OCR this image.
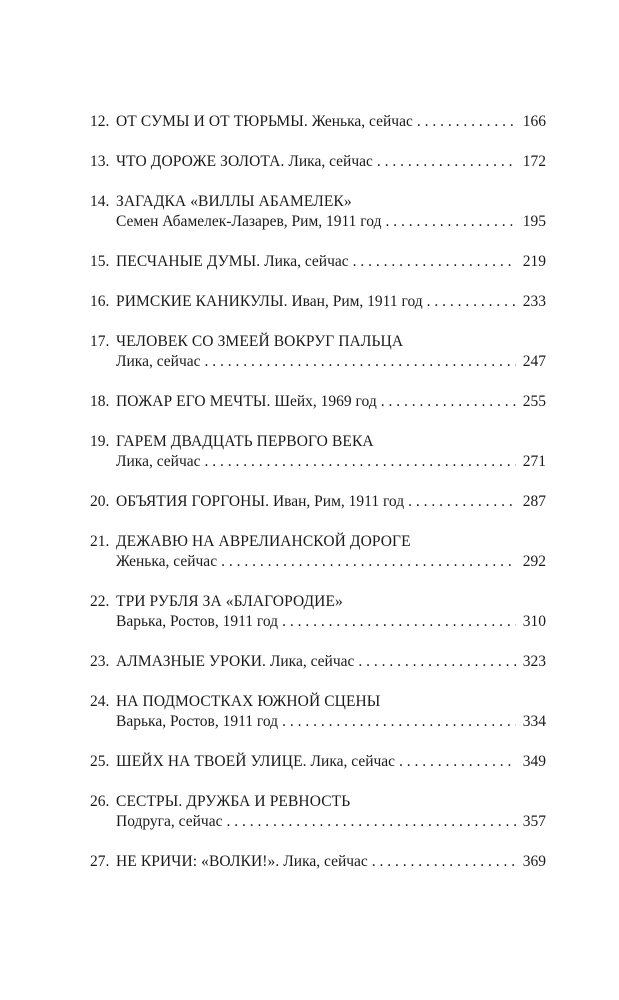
12. ОТ СУМЫ И ОТ ТЮРЬМЫ.
Женька, сейчас . . .	166
13. ЧТО ДОРОЖЕ ЗОЛОТА.
Лика, сейчас . . .	172
14. ЗАГАДКА «ВИЛЛЫ АБАМЕЛЕК»
Семен Абамелек-Лазарев, Рим, 1911 год . . .	195
15. ПЕСЧАНЫЕ ДУМЫ.
Лика, сейчас . . .	219
16. РИМСКИЕ КАНИКУЛЫ.
Иван, Рим, 1911 год . . .	233
17. ЧЕЛОВЕК СО ЗМЕЕЙ ВОКРУГ ПАЛЬЦА
Лика, сейчас . . .	247
18. ПОЖАР ЕГО МЕЧТЫ.
Шейх, 1969 год . . .	255
19. ГАРЕМ ДВАДЦАТЬ ПЕРВОГО ВЕКА
Лика, сейчас . . .	271
20. ОБЪЯТИЯ ГОРГОНЫ.
Иван, Рим, 1911 год . . .	287
21. ДЕЖАВЮ НА АВРЕЛИАНСКОЙ ДОРОГЕ
Женька, сейчас . . .	292
22. ТРИ РУБЛЯ ЗА «БЛАГОРОДИЕ»
Варька, Ростов, 1911 год . . .	310
23. АЛМАЗНЫЕ УРОКИ.
Лика, сейчас . . .	323
24. НА ПОДМОСТКАХ ЮЖНОЙ СЦЕНЫ
Варька, Ростов, 1911 год . . .	334
25. ШЕЙХ НА ТВОЕЙ УЛИЦЕ.
Лика, сейчас . . .	349
26. СЕСТРЫ. ДРУЖБА И РЕВНОСТЬ
Подруга, сейчас . . .	357
27. НЕ КРИЧИ: «ВОЛКИ!».
Лика, сейчас . . .	369
